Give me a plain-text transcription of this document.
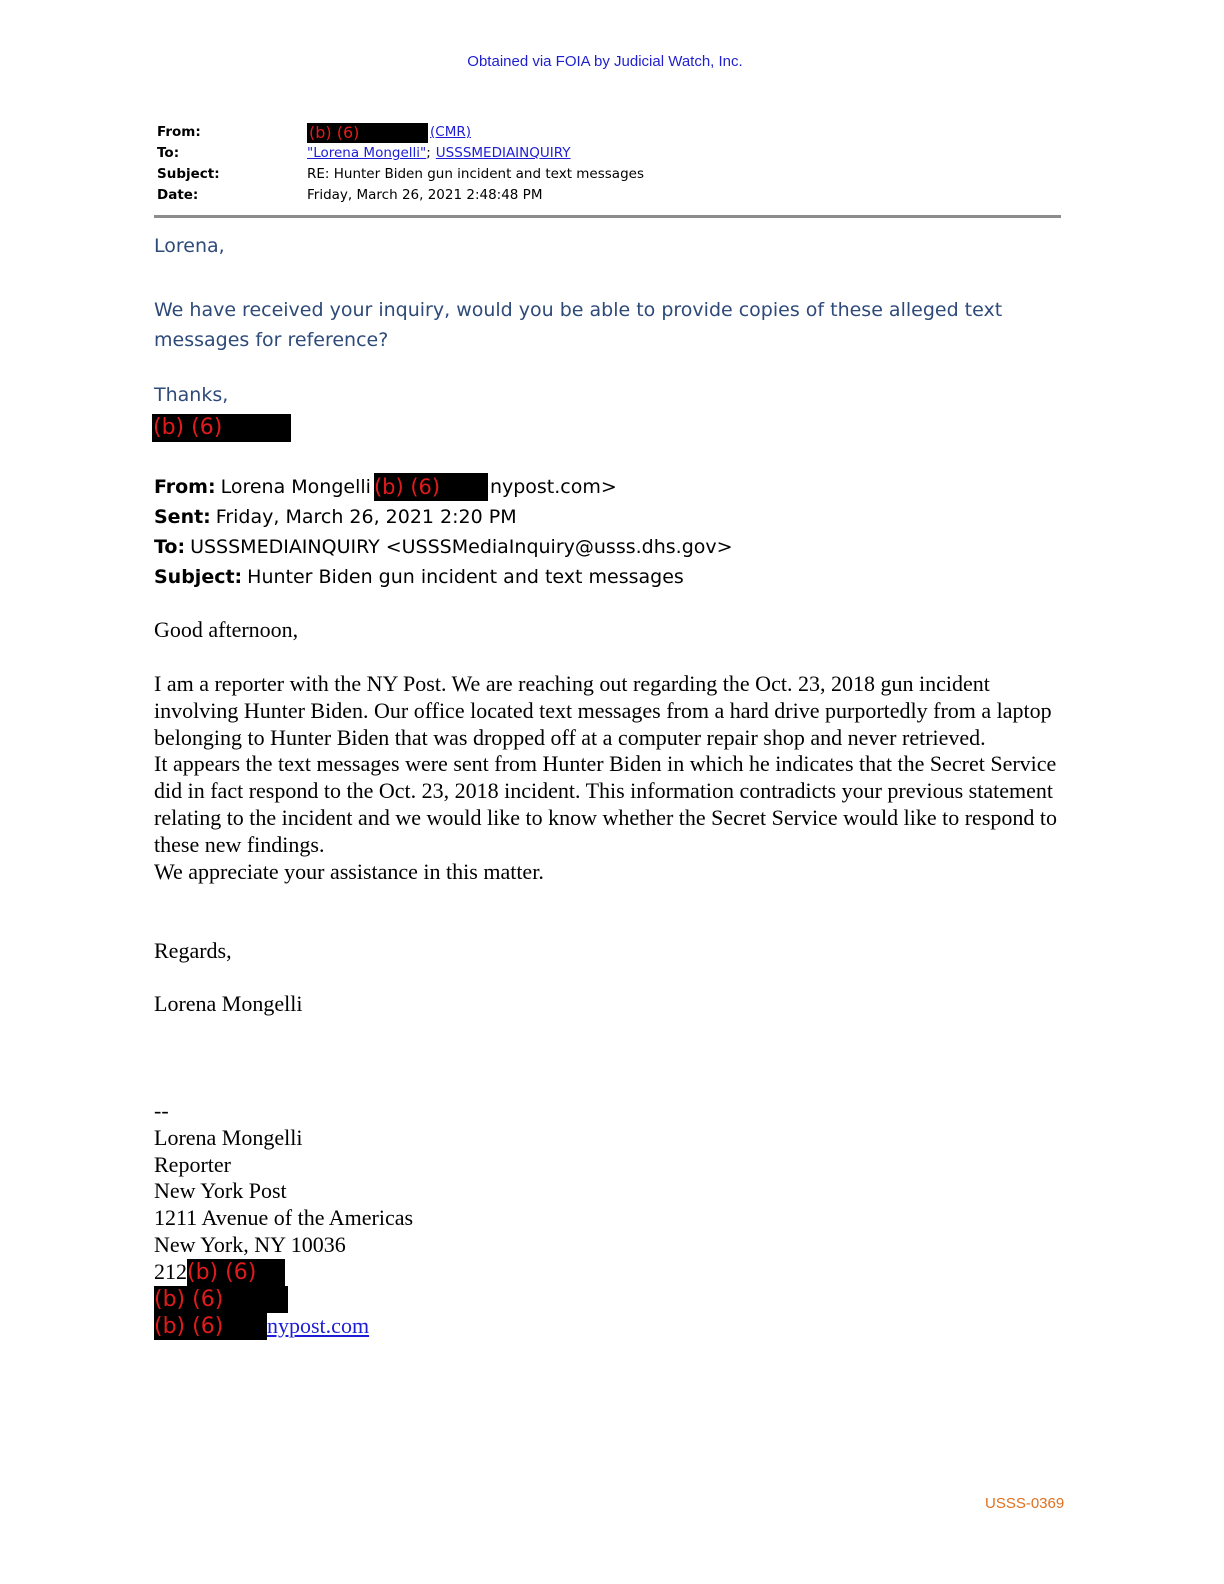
Obtained via FOIA by Judicial Watch, Inc.
From:	(b) (6)	(CMR)
To:	"Lorena Mongelli" ; USSSMEDIAINQUIRY
Subject:	RE: Hunter Biden gun incident and text messages
Date:	Friday, March 26, 2021 2:48:48 PM
Lorena,
We have received your inquiry, would you be able to provide copies of these alleged text messages for reference?
Thanks,
(b) (6)
From: Lorena Mongelli (b) (6)	nypost.com>
Sent: Friday, March 26, 2021 2:20 PM
To: USSSMEDIAINQUIRY <USSSMediaInquiry@usss.dhs.gov>
Subject: Hunter Biden gun incident and text messages
Good afternoon,
I am a reporter with the NY Post. We are reaching out regarding the Oct. 23, 2018 gun incident involving Hunter Biden. Our office located text messages from a hard drive purportedly from a laptop belonging to Hunter Biden that was dropped off at a computer repair shop and never retrieved.
It appears the text messages were sent from Hunter Biden in which he indicates that the Secret Service did in fact respond to the Oct. 23, 2018 incident. This information contradicts your previous statement relating to the incident and we would like to know whether the Secret Service would like to respond to these new findings.
We appreciate your assistance in this matter.
Regards,
Lorena Mongelli
--
Lorena Mongelli
Reporter
New York Post
1211 Avenue of the Americas
New York, NY 10036
212 (b) (6)
(b) (6)
(b) (6)	nypost.com
USSS-0369
